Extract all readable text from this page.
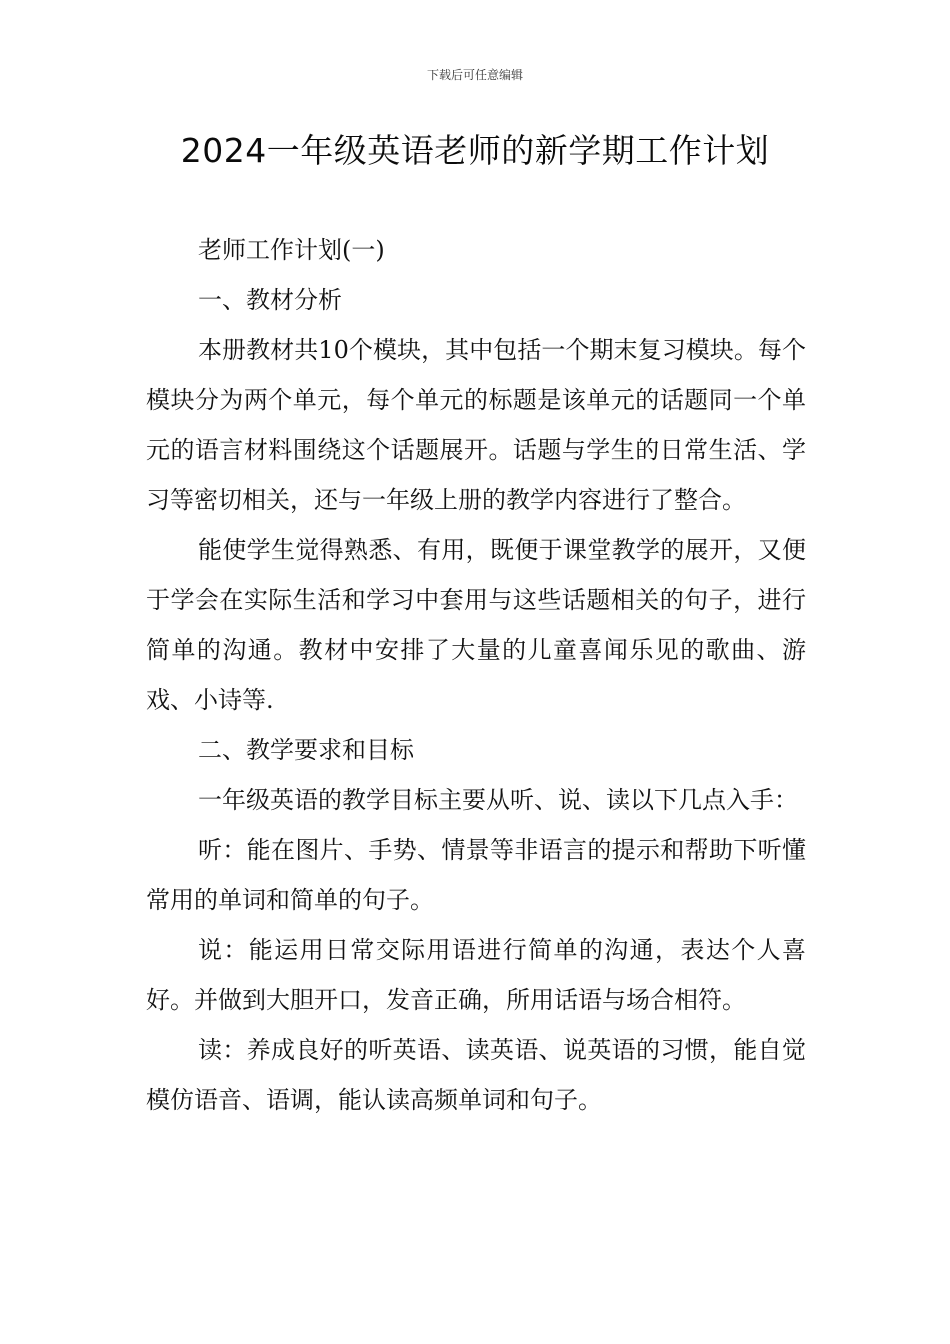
下载后可任意编辑
2024一年级英语老师的新学期工作计划

老师工作计划(一)

一、教材分析

本册教材共10个模块，其中包括一个期末复习模块。每个模块分为两个单元，每个单元的标题是该单元的话题同一个单元的语言材料围绕这个话题展开。话题与学生的日常生活、学习等密切相关，还与一年级上册的教学内容进行了整合。

能使学生觉得熟悉、有用，既便于课堂教学的展开，又便于学会在实际生活和学习中套用与这些话题相关的句子，进行简单的沟通。教材中安排了大量的儿童喜闻乐见的歌曲、游戏、小诗等.

二、教学要求和目标

一年级英语的教学目标主要从听、说、读以下几点入手：

听：能在图片、手势、情景等非语言的提示和帮助下听懂常用的单词和简单的句子。

说：能运用日常交际用语进行简单的沟通，表达个人喜好。并做到大胆开口，发音正确，所用话语与场合相符。

读：养成良好的听英语、读英语、说英语的习惯，能自觉模仿语音、语调，能认读高频单词和句子。
